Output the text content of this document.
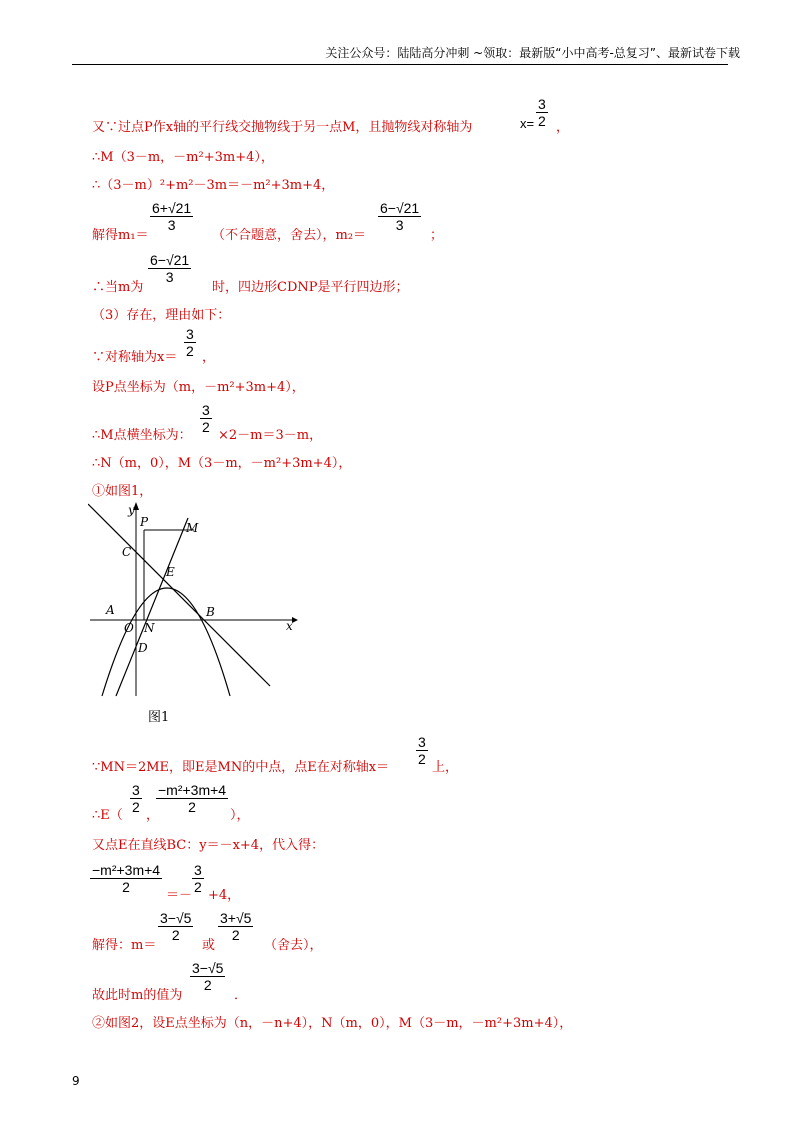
关注公众号：陆陆高分冲刺 ~领取：最新版“小中高考-总复习”、最新试卷下载
又∵过点P作x轴的平行线交抛物线于另一点M，且抛物线对称轴为	$x= \frac{3}{2}$ ，
∴M（3－m，－m²+3m+4），
∴（3－m）²+m²－3m＝－m²+3m+4，
解得m₁＝
$\frac{6+√21}{3}$
（不合题意，舍去），m₂＝
$\frac{6-√21}{3}$
；
∴当m为
$\frac{6-√21}{3}$
时，四边形CDNP是平行四边形；
（3）存在，理由如下：
∵对称轴为$x= \frac{3}{2}$ ，
设P点坐标为（m，－m²+3m+4），
∴M点横坐标为：
$\frac{3}{2}$
×2－m＝3－m，
∴N（m，0），M（3－m，－m²+3m+4），
①如图1，
y
x
P	M
C
E
A
O N
B
D
图1
∵MN＝2ME，即E是MN的中点，点E在对称轴x＝
$\frac{3}{2}$
上，
∴E（
$\frac{3}{2}$
，
$\frac{\text{−m²+3m+4}}{2}$
），
又点E在直线BC：y＝－x+4，代入得：
$\frac{\text{−m²+3m+4}}{2}$
＝－
$\frac{3}{2}$
+4，
解得：m＝
$\frac{3-√5}{2}$
或
$\frac{3+√5}{2}$
（舍去），
故此时m的值为
$\frac{3-√5}{2}$
．
②如图2，设E点坐标为（n，－n+4），N（m，0），M（3－m，－m²+3m+4），
9
